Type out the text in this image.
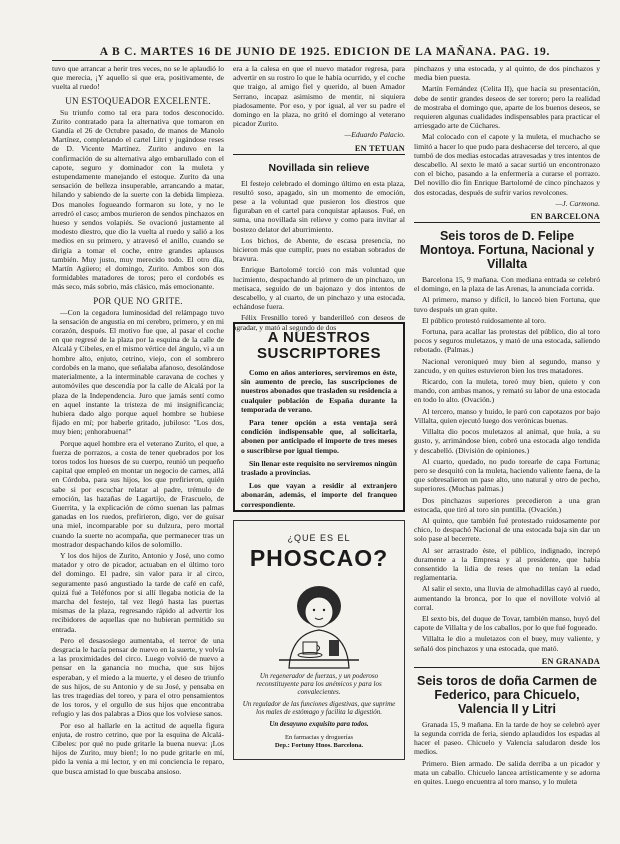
A B C. MARTES 16 DE JUNIO DE 1925. EDICION DE LA MAÑANA. PAG. 19.

tuvo que arrancar a herir tres veces, no se le aplaudió lo que merecia, ¡Y aquello si que era, positivamente, de vuelta al ruedo!

UN ESTOQUEADOR EXCELENTE.

Su triunfo como tal era para todos desconocido. Zurito contratado para la alternativa que tomaron en Gandía el 26 de Octubre pasado, de manos de Manolo Martínez, completando el cartel Litri y jugándose reses de D. Vicente Martínez. Zurito anduvo en la confirmación de su alternativa algo embarullado con el capote, seguro y dominador con la muleta y estupendamente manejando el estoque. Zurito da una sensación de belleza insuperable, arrancando a matar, hilando y sabiendo de la suerte con la debida limpieza. Dos manoles fogueando formaron su lote, y no le arredró el caso; ambos murieron de sendos pinchazos en hueso y sendos volapiés. Se ovacionó justamente al modesto diestro, que dio la vuelta al ruedo y salió a los medios en su primero, y atravesó el anillo, cuando se dirigía a tomar el coche, entre grandes aplausos también. Muy justo, muy merecido todo. El otro día, Martín Agüero; el domingo, Zurito. Ambos son dos formidables matadores de toros; pero el cordobés es más seco, más sobrio, más clásico, más emocionante.

POR QUE NO GRITE.

—Con la cegadora luminosidad del relámpago tuvo la sensación de angustia en mi cerebro, primero, y en mi corazón, después. El motivo fue que, al pasar el coche en que regresé de la plaza por la esquina de la calle de Alcalá y Cibeles, en el mismo vértice del ángulo, vi a un hombre alto, enjuto, cetrino, viejo, con el sombrero cordobés en la mano, que señalaba afanoso, desolándose materialmente, a la interminable caravana de coches y automóviles que descendía por la calle de Alcalá por la plaza de la Independencia. Juro que jamás sentí como en aquel instante la tristeza de mi insignificancia; hubiera dado algo porque aquel hombre se hubiese fijado en mí; por haberle gritado, jubiloso: "Los dos, muy bien; ¡enhorabuena!"

Porque aquel hombre era el veterano Zurito, el que, a fuerza de porrazos, a costa de tener quebrados por los toros todos los huesos de su cuerpo, reunió un pequeño capital que empleó en montar un negocio de carnes, allá en Córdoba, para sus hijos, los que prefirieron, quién sabe si por escuchar relatar al padre, trémulo de emoción, las hazañas de Lagartijo, de Frascuelo, de Guerrita, y la explicación de cómo suenan las palmas ganadas en los ruedos, prefirieron, digo, ver de guisar una miel, incomparable por su dulzura, pero mortal cuando la suerte no acompaña, que permanecer tras un mostrador despachando kilos de solomillo.

Y los dos hijos de Zurito, Antonio y José, uno como matador y otro de picador, actuaban en el último toro del domingo. El padre, sin valor para ir al circo, seguramente pasó angustiado la tarde de café en café, quizá fué a Teléfonos por si allí llegaba noticia de la marcha del festejo, tal vez llegó hasta las puertas mismas de la plaza, regresando rápido al advertir los recibidores de aquellas que no hubieran permitido su entrada.

Pero el desasosiego aumentaba, el terror de una desgracia le hacía pensar de nuevo en la suerte, y volvía a las proximidades del circo. Luego volvió de nuevo a pensar en la ganancia no mucha, que sus hijos esperaban, y el miedo a la muerte, y el deseo de triunfo de sus hijos, de su Antonio y de su José, y pensaba en las tres tragedias del toreo, y para el otro pensamientos de los toros, y el orgullo de sus hijos que encontraba refugio y las dos palabras a Dios que los volviese sanos.

Por eso al hallarle en la actitud de aquella figura enjuta, de rostro cetrino, que por la esquina de Alcalá-Cibeles: por qué no pude gritarle la buena nueva: ¡Los hijos de Zurito, muy bien!; lo no pude gritarle en mí, pido la venia a mi lector, y en mi conciencia le reparo, que busca amistad lo que buscaba ansioso.

era a la calesa en que el nuevo matador regresa, para advertir en su rostro lo que le había ocurrido, y el coche que traigo, al amigo fiel y querido, al buen Amador Serrano, incapaz asimismo de mentir, ni siquiera piadosamente. Por eso, y por igual, al ver su padre el domingo en la plaza, no gritó el domingo al veterano picador Zurito.

—Eduardo Palacio.
EN TETUAN
Novillada sin relieve

El festejo celebrado el domingo último en esta plaza, resultó soso, apagado, sin un momento de emoción, pese a la voluntad que pusieron los diestros que figuraban en el cartel para conquistar aplausos. Fué, en suma, una novillada sin relieve y como para invitar al bostezo delator del aburrimiento.

Los bichos, de Abente, de escasa presencia, no hicieron más que cumplir, pues no estaban sobrados de bravura.

Enrique Bartolomé torció con más voluntad que lucimiento, despachando al primero de un pinchazo, un metisaca, seguido de un bajonazo y dos intentos de descabello, y al cuarto, de un pinchazo y una estocada, echándose fuera.

Félix Fresnillo toreó y banderilleó con deseos de agradar, y mató al segundo de dos

A NUESTROS SUSCRIPTORES

Como en años anteriores, serviremos en éste, sin aumento de precio, las suscripciones de nuestros abonados que trasladen su residencia a cualquier población de España durante la temporada de verano.

Para tener opción a esta ventaja será condición indispensable que, al solicitarla, abonen por anticipado el importe de tres meses o suscribirse por igual tiempo.

Sin llenar este requisito no serviremos ningún traslado a provincias.

Los que vayan a residir al extranjero abonarán, además, el importe del franqueo correspondiente.

¿QUE ES EL
PHOSCAO?
Un regenerador de fuerzas, y un poderoso reconstituyente para los anémicos y para los convalecientes.
Un regulador de las funciones digestivas, que suprime los males de estómago y facilita la digestión.
Un desayuno exquisito para todos.
En farmacias y droguerías
Dep.: Fortuny Hnos. Barcelona.

pinchazos y una estocada, y al quinto, de dos pinchazos y media bien puesta.

Martín Fernández (Celita II), que hacía su presentación, debe de sentir grandes deseos de ser torero; pero la realidad de mostraba el domingo que, aparte de los buenos deseos, se requieren algunas cualidades indispensables para practicar el arriesgado arte de Cúchares.

Mal colocado con el capote y la muleta, el muchacho se limitó a hacer lo que pudo para deshacerse del tercero, al que tumbó de dos medias estocadas atravesadas y tres intentos de descabello. Al sexto le mató a sacar surtió un encontronazo con el bicho, pasando a la enfermería a curarse el porrazo. Del novillo dio fin Enrique Bartolomé de cinco pinchazos y dos estocadas, después de sufrir varios revolcones.

—J. Carmona.
EN BARCELONA
Seis toros de D. Felipe Montoya. Fortuna, Nacional y Villalta

Barcelona 15, 9 mañana. Con mediana entrada se celebró el domingo, en la plaza de las Arenas, la anunciada corrida.

Al primero, manso y difícil, lo lanceó bien Fortuna, que tuvo después un gran quite.

El público protestó ruidosamente al toro.

Fortuna, para acallar las protestas del público, dio al toro pocos y seguros muletazos, y mató de una estocada, saliendo rebotado. (Palmas.)

Nacional veroniqueó muy bien al segundo, manso y zancudo, y en quites estuvieron bien los tres matadores.

Ricardo, con la muleta, toreó muy bien, quieto y con mando, con ambas manos, y remató su labor de una estocada en todo lo alto. (Ovación.)

Al tercero, manso y huido, le paró con capotazos por bajo Villalta, quien ejecutó luego dos verónicas buenas.

Villalta dio pocos muletazos al animal, que huía, a su gusto, y, arrimándose bien, cobró una estocada algo tendida y descabelló. (División de opiniones.)

Al cuarto, quedado, no pudo torearle de capa Fortuna; pero se desquitó con la muleta, haciendo valiente faena, de la que sobresalieron un pase alto, uno natural y otro de pecho, superiores. (Muchas palmas.)

Dos pinchazos superiores precedieron a una gran estocada, que tiró al toro sin puntilla. (Ovación.)

Al quinto, que también fué protestado ruidosamente por chico, lo despachó Nacional de una estocada baja sin dar un solo pase al becerrete.

Al ser arrastrado éste, el público, indignado, increpó duramente a la Empresa y al presidente, que había consentido la lidia de reses que no tenían la edad reglamentaria.

Al salir el sexto, una lluvia de almohadillas cayó al ruedo, aumentando la bronca, por lo que el novillote volvió al corral.

El sexto bis, del duque de Tovar, también manso, huyó del capote de Villalta y de los caballos, por lo que fué fogueado.

Villalta le dio a muletazos con el buey, muy valiente, y señaló dos pinchazos y una estocada, que mató.

EN GRANADA
Seis toros de doña Carmen de Federico, para Chicuelo, Valencia II y Litri

Granada 15, 9 mañana. En la tarde de hoy se celebró ayer la segunda corrida de feria, siendo aplaudidos los espadas al hacer el paseo. Chicuelo y Valencia saludaron desde los medios.

Primero. Bien armado. De salida derriba a un picador y mata un caballo. Chicuelo lancea artísticamente y se adorna en quites. Luego encuentra al toro manso, y lo muleta
